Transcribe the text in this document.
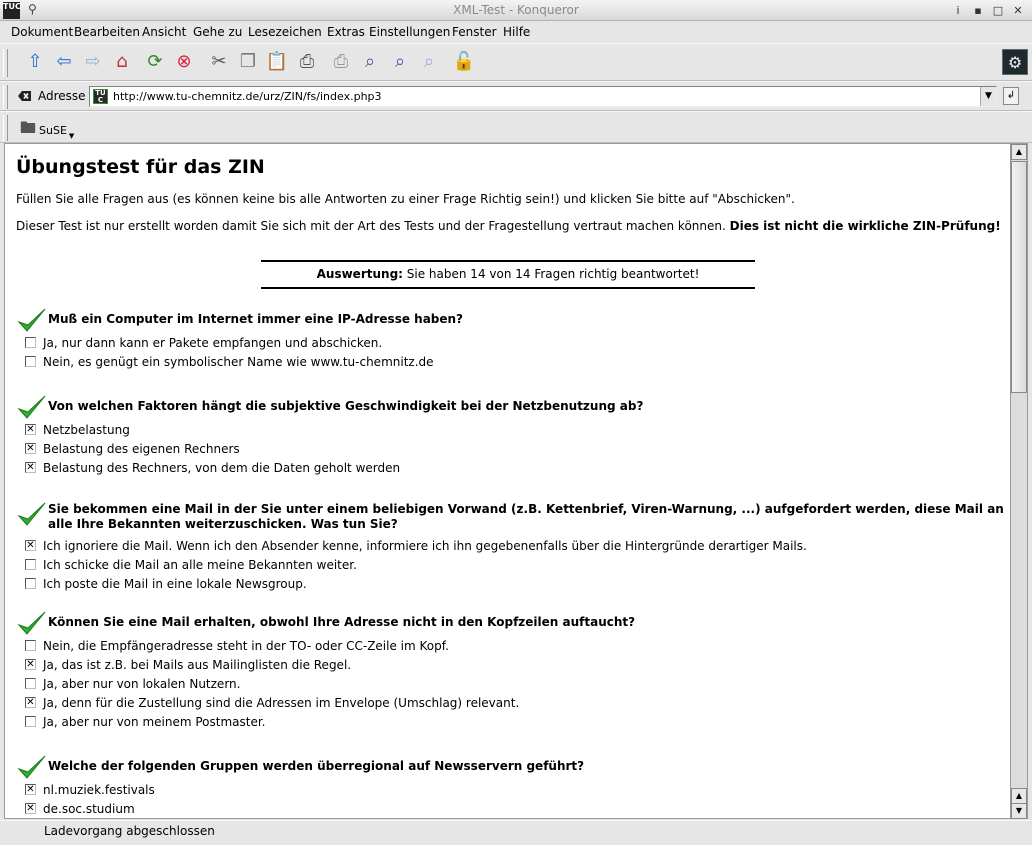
TUC ⚲	XML-Test - Konqueror	i	▪	□ ✕
Dokument Bearbeiten Ansicht Gehe zu Lesezeichen Extras Einstellungen Fenster Hilfe
⇧ ⇦ ⇨ ⌂	⟳ ⊗	✂ ❐ 📋 ⎙	⎙ ⌕	⌕	⌕	🔓	⚙
Adresse	TU
C http://www.tu-chemnitz.de/urz/ZIN/fs/index.php3	▼	↲
🖿 SuSE ▼
Übungstest für das ZIN
Füllen Sie alle Fragen aus (es können keine bis alle Antworten zu einer Frage Richtig sein!) und klicken Sie bitte auf "Abschicken".
Dieser Test ist nur erstellt worden damit Sie sich mit der Art des Tests und der Fragestellung vertraut machen können. Dies ist nicht die wirkliche ZIN-Prüfung!
Auswertung: Sie haben 14 von 14 Fragen richtig beantwortet!
Muß ein Computer im Internet immer eine IP-Adresse haben?
Ja, nur dann kann er Pakete empfangen und abschicken.
Nein, es genügt ein symbolischer Name wie www.tu-chemnitz.de
Von welchen Faktoren hängt die subjektive Geschwindigkeit bei der Netzbenutzung ab?
✕ Netzbelastung
✕ Belastung des eigenen Rechners
✕ Belastung des Rechners, von dem die Daten geholt werden
Sie bekommen eine Mail in der Sie unter einem beliebigen Vorwand (z.B. Kettenbrief, Viren-Warnung, ...) aufgefordert werden, diese Mail an alle Ihre Bekannten weiterzuschicken. Was tun Sie?
✕ Ich ignoriere die Mail. Wenn ich den Absender kenne, informiere ich ihn gegebenenfalls über die Hintergründe derartiger Mails.
Ich schicke die Mail an alle meine Bekannten weiter.
Ich poste die Mail in eine lokale Newsgroup.
Können Sie eine Mail erhalten, obwohl Ihre Adresse nicht in den Kopfzeilen auftaucht?
Nein, die Empfängeradresse steht in der TO- oder CC-Zeile im Kopf.
✕ Ja, das ist z.B. bei Mails aus Mailinglisten die Regel.
Ja, aber nur von lokalen Nutzern.
✕ Ja, denn für die Zustellung sind die Adressen im Envelope (Umschlag) relevant.
Ja, aber nur von meinem Postmaster.
Welche der folgenden Gruppen werden überregional auf Newsservern geführt?
✕ nl.muziek.festivals
✕ de.soc.studium
▲
▲
▼
Ladevorgang abgeschlossen
